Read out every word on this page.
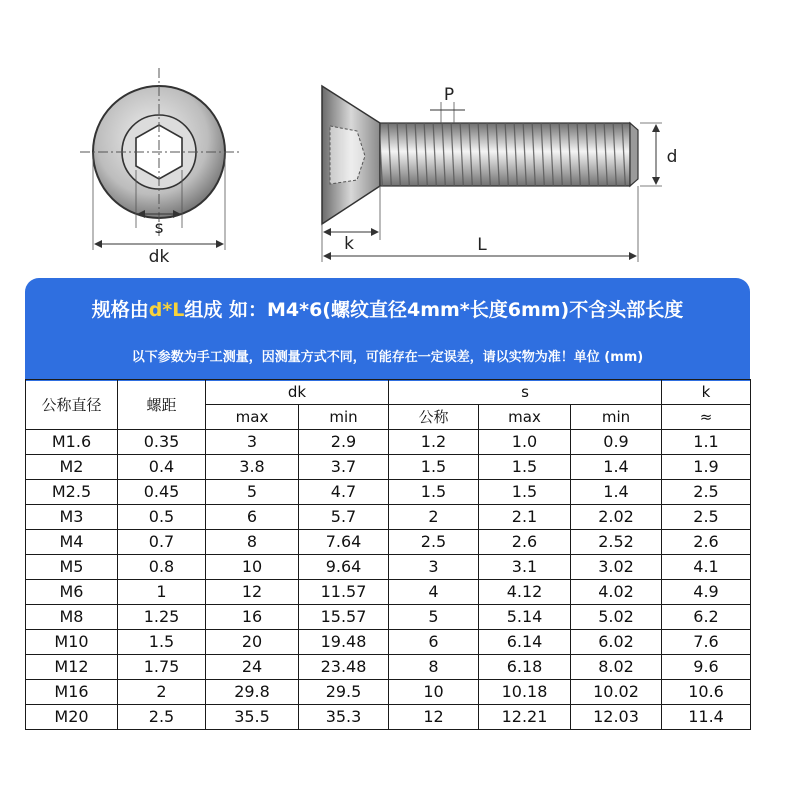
s
dk
P
d
k	L
规格由d*L组成 如：M4*6(螺纹直径4mm*长度6mm)不含头部长度
以下参数为手工测量，因测量方式不同，可能存在一定误差，请以实物为准！单位 (mm)
公称直径	螺距	dk		s			k
		max	min	公称	max	min	≈
M1.6	0.35	3	2.9	1.2	1.0	0.9	1.1
M2	0.4	3.8	3.7	1.5	1.5	1.4	1.9
M2.5	0.45	5	4.7	1.5	1.5	1.4	2.5
M3	0.5	6	5.7	2	2.1	2.02	2.5
M4	0.7	8	7.64	2.5	2.6	2.52	2.6
M5	0.8	10	9.64	3	3.1	3.02	4.1
M6	1	12	11.57	4	4.12	4.02	4.9
M8	1.25	16	15.57	5	5.14	5.02	6.2
M10	1.5	20	19.48	6	6.14	6.02	7.6
M12	1.75	24	23.48	8	6.18	8.02	9.6
M16	2	29.8	29.5	10	10.18	10.02	10.6
M20	2.5	35.5	35.3	12	12.21	12.03	11.4
